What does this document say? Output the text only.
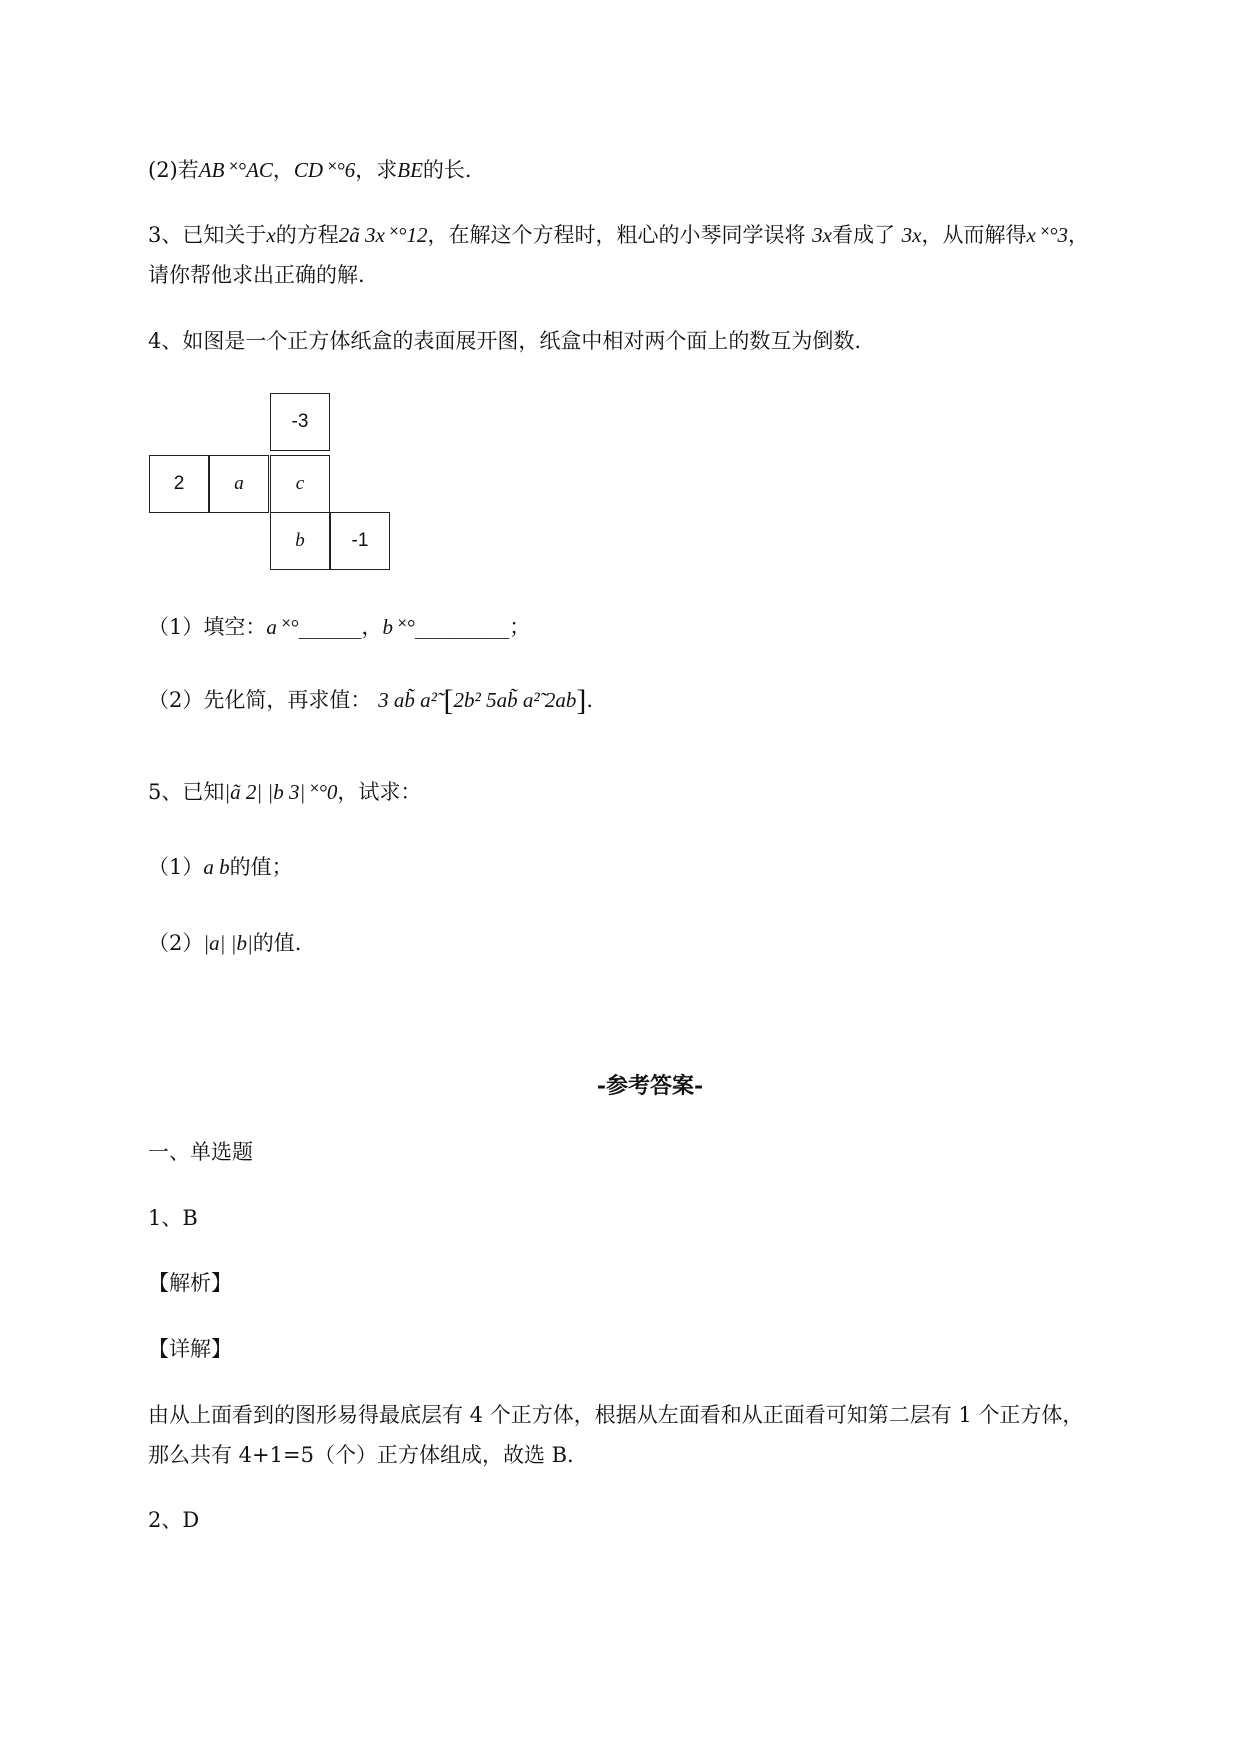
(2)若AB ˟°AC，CD ˟°6，求BE的长.
3、已知关于x的方程2ã 3x ˟°12，在解这个方程时，粗心的小琴同学误将 3x看成了 3x，从而解得x ˟°3，
请你帮他求出正确的解.
4、如图是一个正方体纸盒的表面展开图，纸盒中相对两个面上的数互为倒数.
-3
2	a	c
b	-1
（1）填空：a ˟°______，b ˟°_________；
（2）先化简，再求值： 3 ab̃ a²̃ [2b² 5ab̃ a²̃ 2ab].
5、已知|ã 2| |b 3| ˟°0，试求：
（1）a b的值；
（2）|a| |b|的值.
-参考答案-
一、单选题
1、B
【解析】
【详解】
由从上面看到的图形易得最底层有 4 个正方体，根据从左面看和从正面看可知第二层有 1 个正方体，
那么共有 4+1=5（个）正方体组成，故选 B.
2、D
